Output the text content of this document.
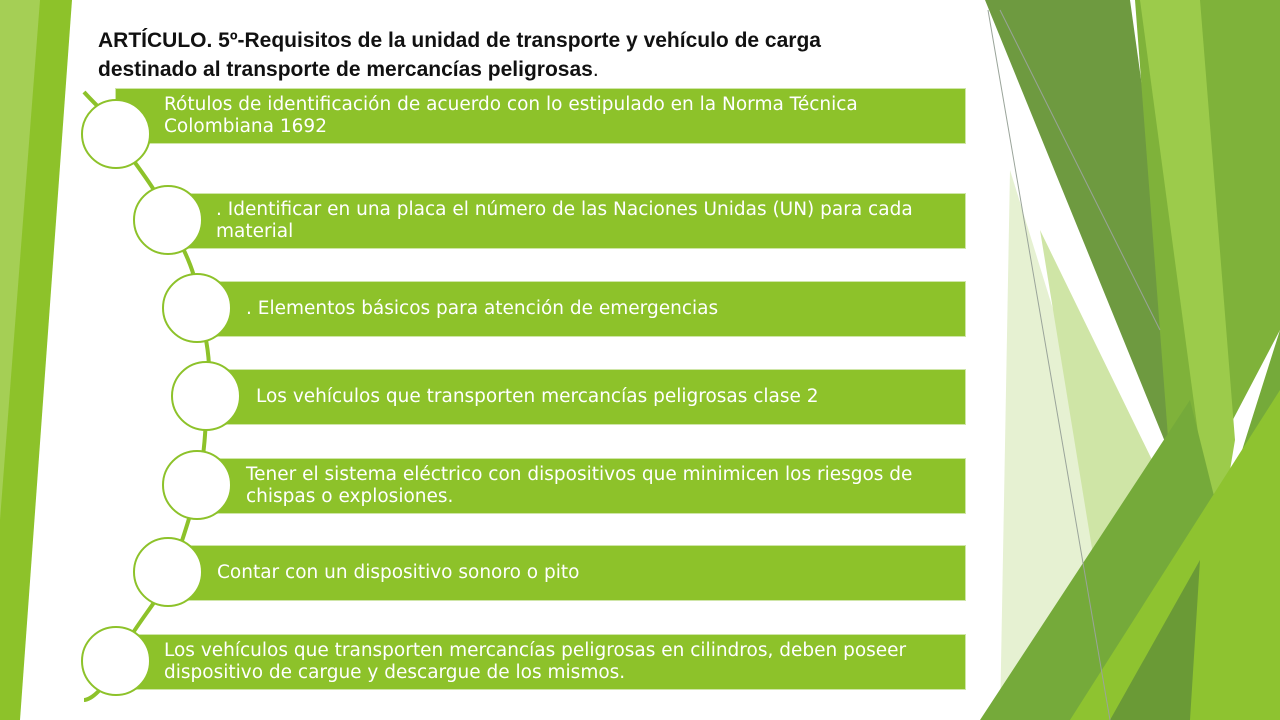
ARTÍCULO. 5º-Requisitos de la unidad de transporte y vehículo de carga
destinado al transporte de mercancías peligrosas.
Rótulos de identificación de acuerdo con lo estipulado en la Norma Técnica Colombiana 1692
. Identificar en una placa el número de las Naciones Unidas (UN) para cada material
. Elementos básicos para atención de emergencias
Los vehículos que transporten mercancías peligrosas clase 2
Tener el sistema eléctrico con dispositivos que minimicen los riesgos de chispas o explosiones.
Contar con un dispositivo sonoro o pito
Los vehículos que transporten mercancías peligrosas en cilindros, deben poseer dispositivo de cargue y descargue de los mismos.
